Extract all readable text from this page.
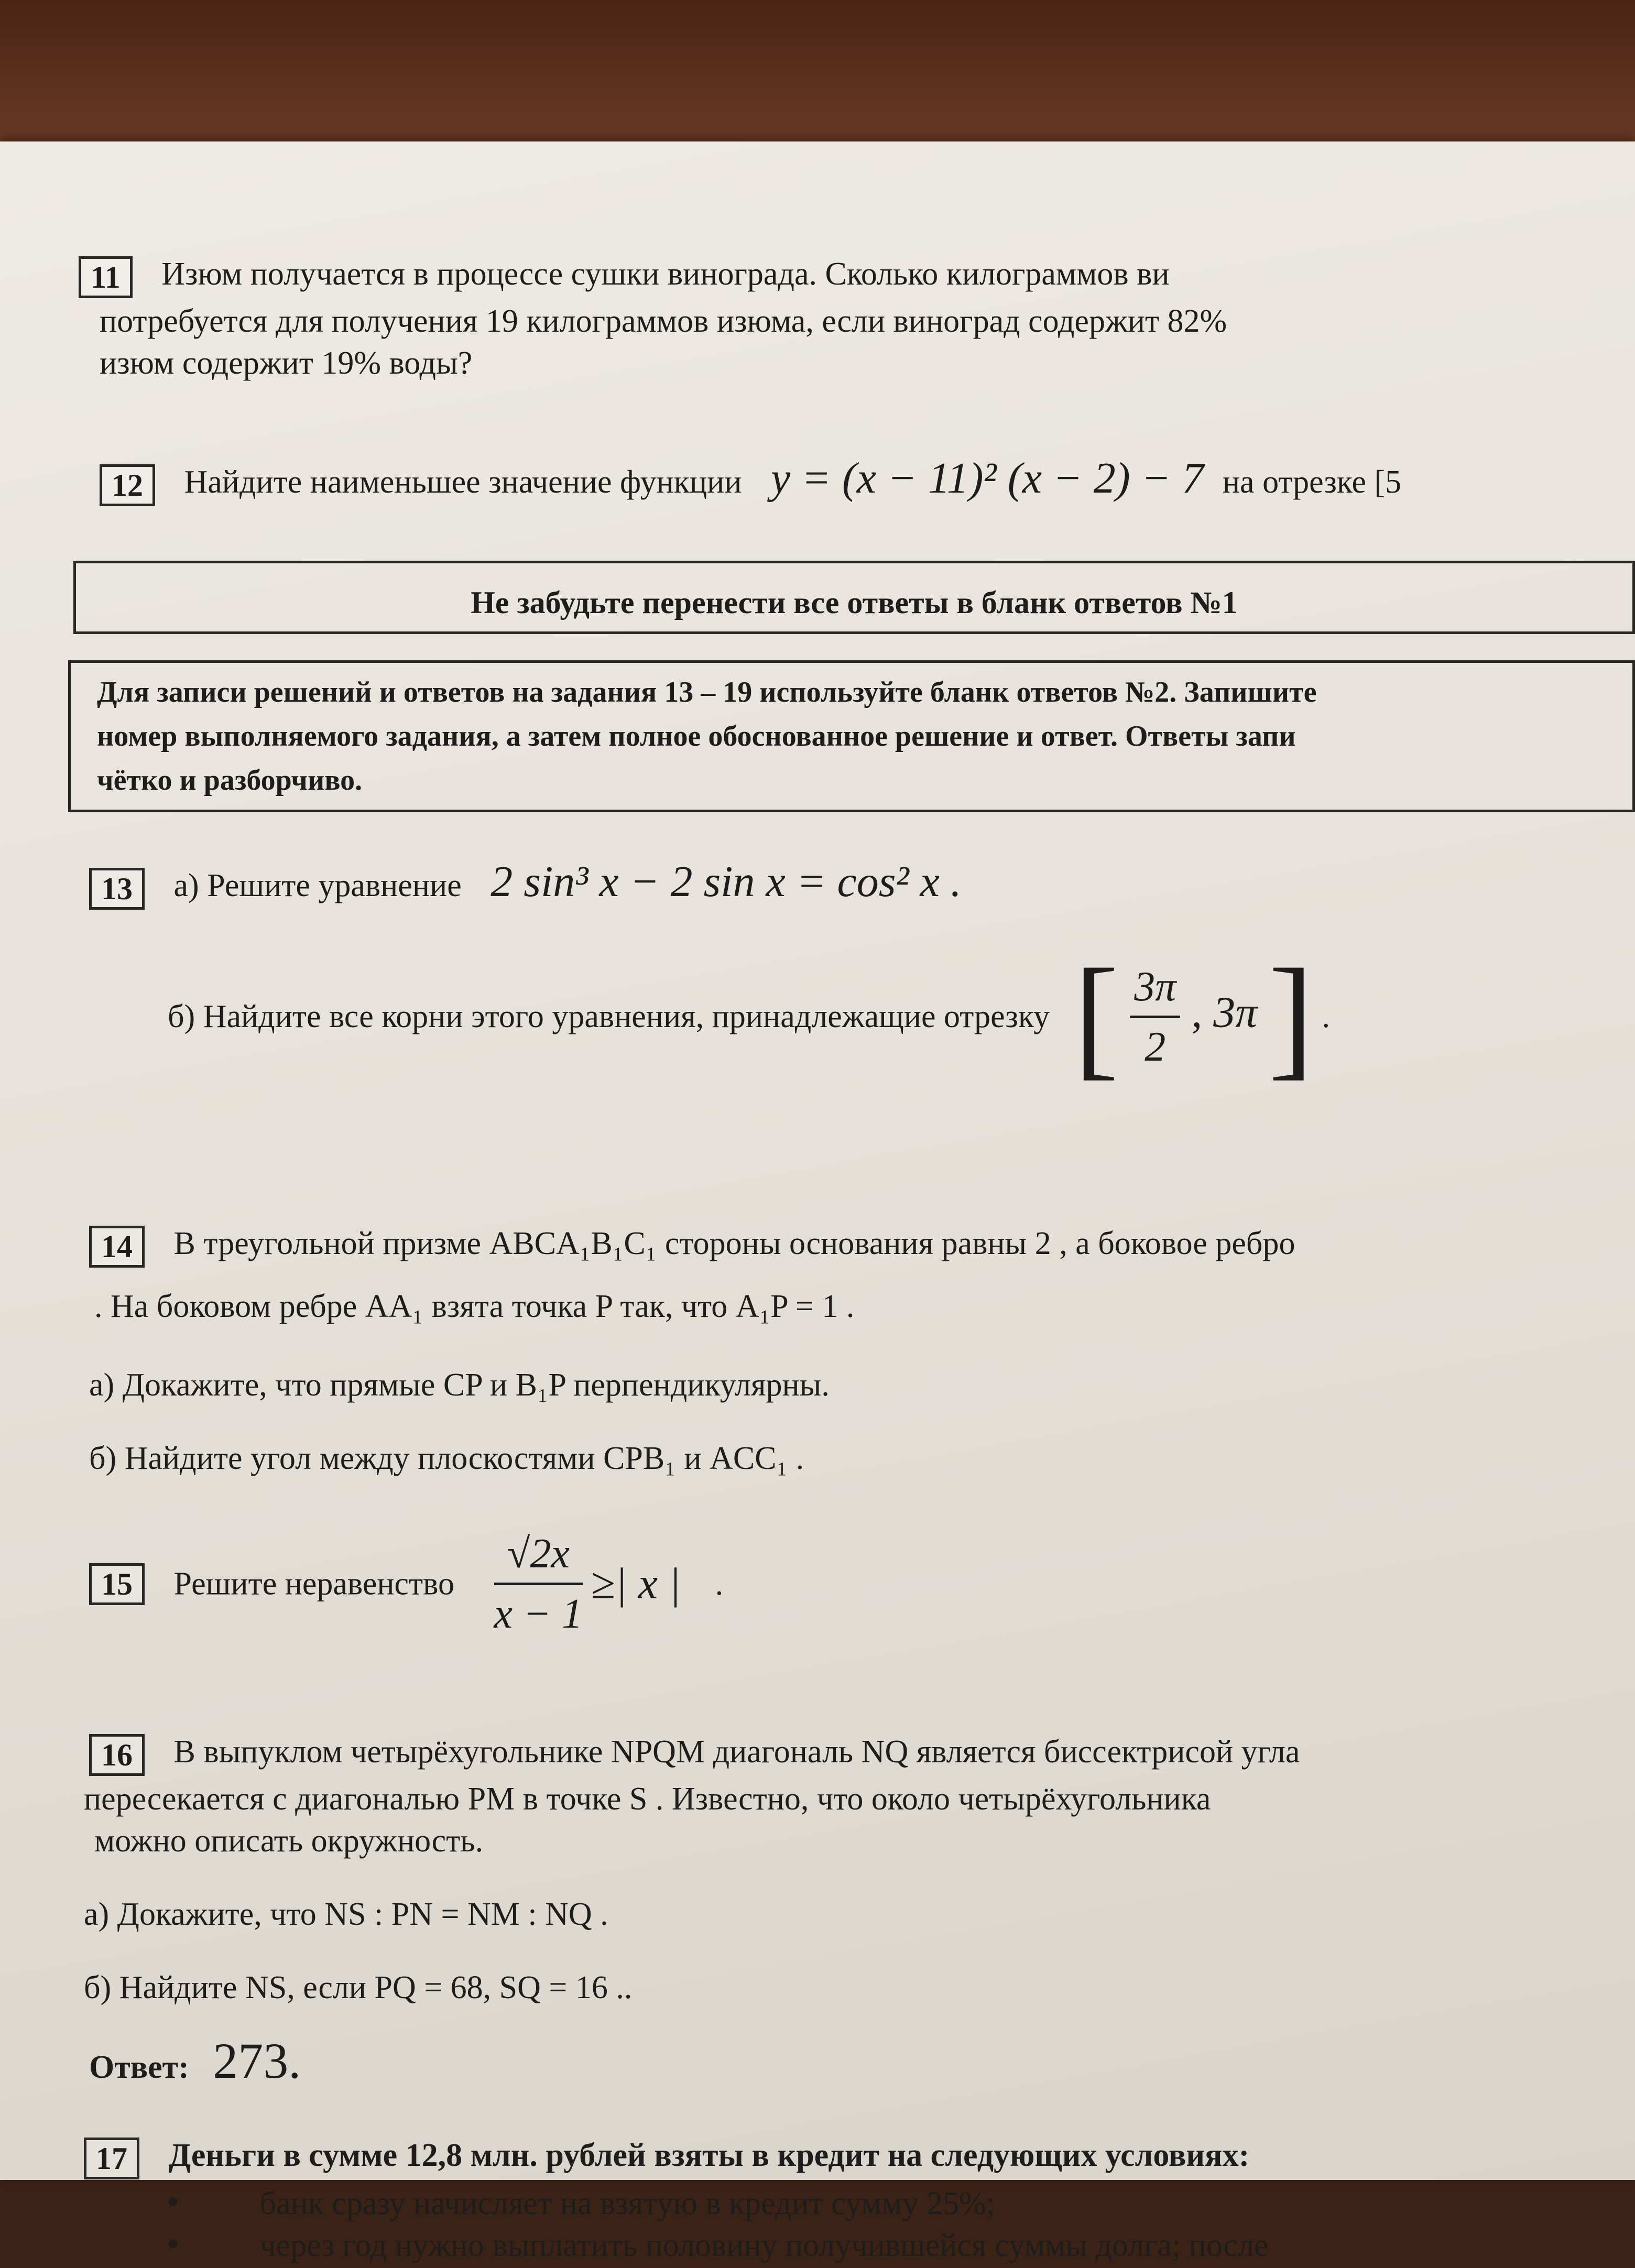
11 Изюм получается в процессе сушки винограда. Сколько килограммов ви
потребуется для получения 19 килограммов изюма, если виноград содержит 82%
изюм содержит 19% воды?
12 Найдите наименьшее значение функции y = (x − 11)² (x − 2) − 7 на отрезке [5
Не забудьте перенести все ответы в бланк ответов №1
Для записи решений и ответов на задания 13 – 19 используйте бланк ответов №2. Запишите
номер выполняемого задания, а затем полное обоснованное решение и ответ. Ответы запи
чётко и разборчиво.
13 а) Решите уравнение 2 sin³ x − 2 sin x = cos² x .
б) Найдите все корни этого уравнения, принадлежащие отрезку [ $\frac{3\pi}{2}$ , 3π ] .
14 В треугольной призме ABCA₁B₁C₁ стороны основания равны 2 , а боковое ребро
. На боковом ребре AA₁ взята точка P так, что A₁P = 1 .
а) Докажите, что прямые CP и B₁P перпендикулярны.
б) Найдите угол между плоскостями CPB₁ и ACC₁ .
15 Решите неравенство $\frac{√2x}{x - 1}$ ≥| x | .
16 В выпуклом четырёхугольнике NPQM диагональ NQ является биссектрисой угла
пересекается с диагональю PM в точке S . Известно, что около четырёхугольника
можно описать окружность.
а) Докажите, что NS : PN = NM : NQ .
б) Найдите NS, если PQ = 68, SQ = 16 ..
Ответ: 273.
17 Деньги в сумме 12,8 млн. рублей взяты в кредит на следующих условиях:
• банк сразу начисляет на взятую в кредит сумму 25%;
• через год нужно выплатить половину получившейся суммы долга; после
